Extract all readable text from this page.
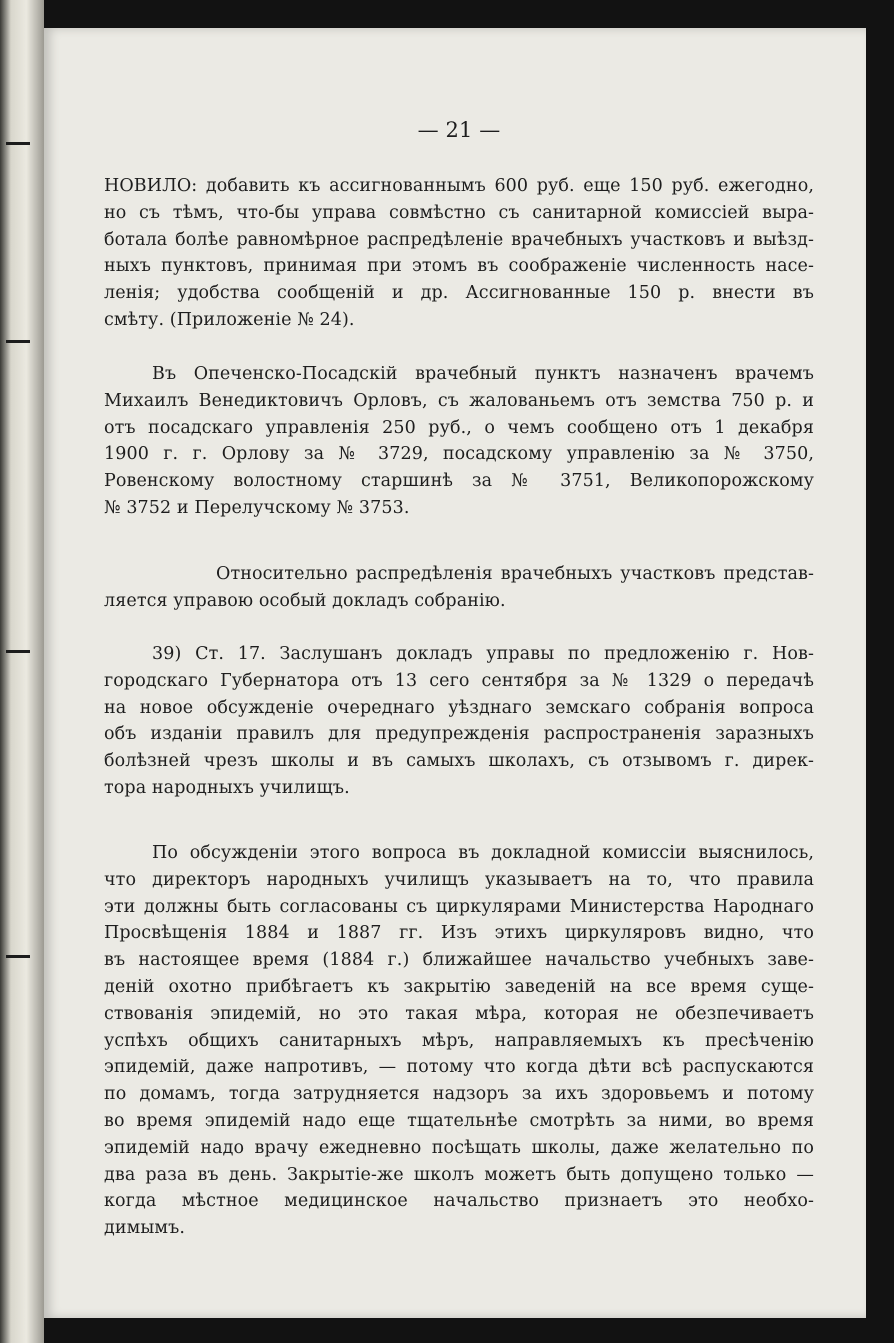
— 21 —

НОВИЛО: добавить къ ассигнованнымъ 600 руб. еще 150 руб. ежегодно,
но съ тѣмъ, что-бы управа совмѣстно съ санитарной комиссiей выра-
ботала болѣе равномѣрное распредѣленiе врачебныхъ участковъ и выѣзд-
ныхъ пунктовъ, принимая при этомъ въ соображенiе численность насе-
ленiя; удобства сообщенiй и др. Ассигнованные 150 р. внести въ
смѣту. (Приложенiе № 24).
Въ Опеченско-Посадскiй врачебный пунктъ назначенъ врачемъ
Михаилъ Венедиктовичъ Орловъ, съ жалованьемъ отъ земства 750 р. и
отъ посадскаго управленiя 250 руб., о чемъ сообщено отъ 1 декабря
1900 г. г. Орлову за № 3729, посадскому управленiю за № 3750,
Ровенскому волостному старшинѣ за № 3751, Великопорожскому
№ 3752 и Перелучскому № 3753.
Относительно распредѣленiя врачебныхъ участковъ представ-
ляется управою особый докладъ собранiю.
39) Ст. 17. Заслушанъ докладъ управы по предложенiю г. Нов-
городскаго Губернатора отъ 13 сего сентября за № 1329 о передачѣ
на новое обсужденiе очереднаго уѣзднаго земскаго собранiя вопроса
объ изданiи правилъ для предупрежденiя распространенiя заразныхъ
болѣзней чрезъ школы и въ самыхъ школахъ, съ отзывомъ г. дирек-
тора народныхъ училищъ.
По обсужденiи этого вопроса въ докладной комиссiи выяснилось,
что директоръ народныхъ училищъ указываетъ на то, что правила
эти должны быть согласованы съ циркулярами Министерства Народнаго
Просвѣщенiя 1884 и 1887 гг. Изъ этихъ циркуляровъ видно, что
въ настоящее время (1884 г.) ближайшее начальство учебныхъ заве-
денiй охотно прибѣгаетъ къ закрытiю заведенiй на все время суще-
ствованiя эпидемiй, но это такая мѣра, которая не обезпечиваетъ
успѣхъ общихъ санитарныхъ мѣръ, направляемыхъ къ пресѣченiю
эпидемiй, даже напротивъ, — потому что когда дѣти всѣ распускаются
по домамъ, тогда затрудняется надзоръ за ихъ здоровьемъ и потому
во время эпидемiй надо еще тщательнѣе смотрѣть за ними, во время
эпидемiй надо врачу ежедневно посѣщать школы, даже желательно по
два раза въ день. Закрытiе-же школъ можетъ быть допущено только —
когда мѣстное медицинское начальство признаетъ это необхо-
димымъ.
